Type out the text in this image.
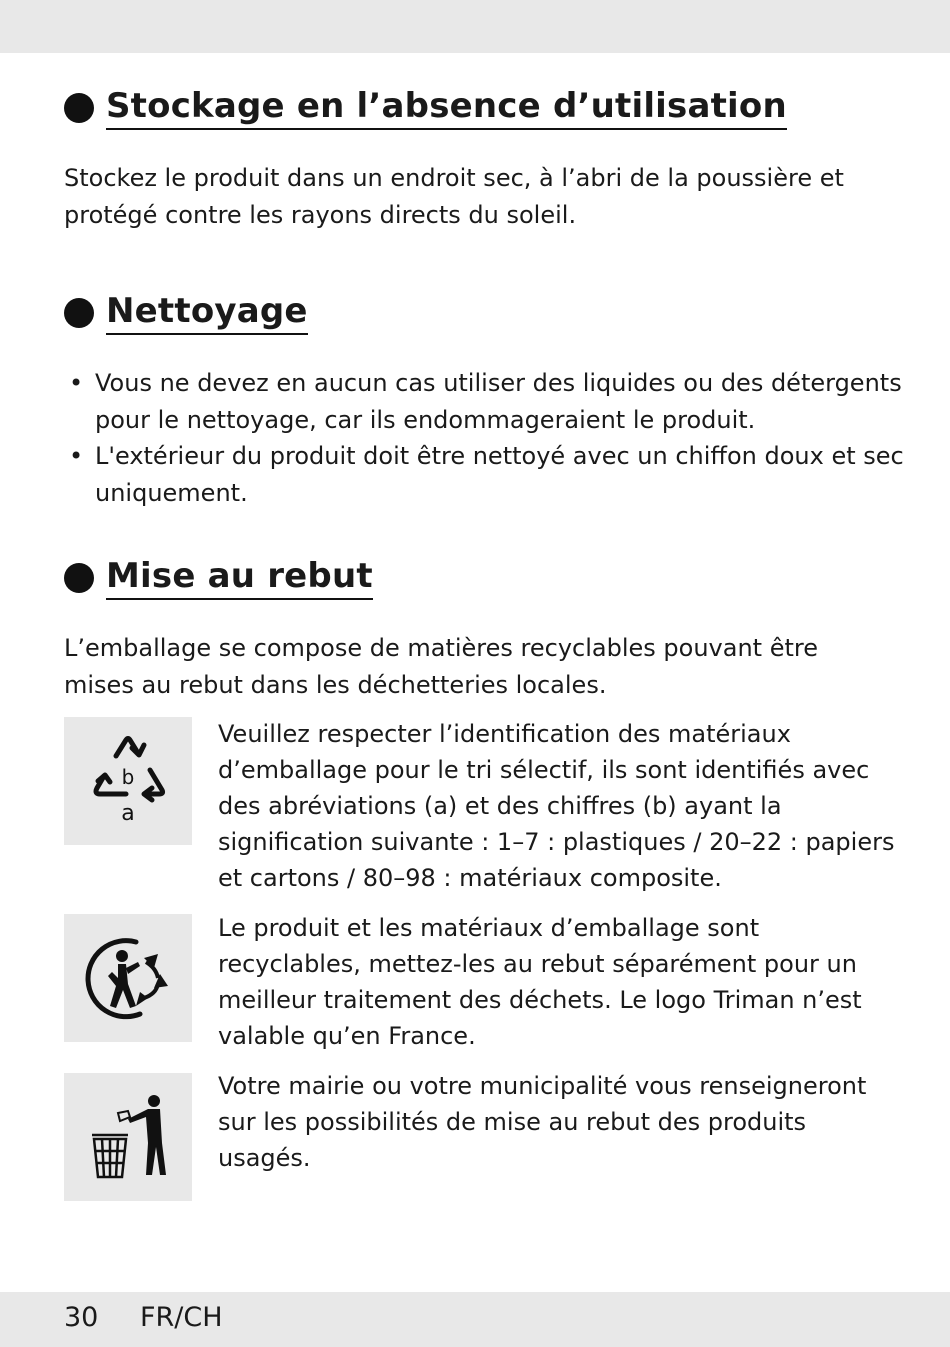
Stockage en l’absence d’utilisation

Stockez le produit dans un endroit sec, à l’abri de la poussière et protégé contre les rayons directs du soleil.

Nettoyage
• Vous ne devez en aucun cas utiliser des liquides ou des détergents pour le nettoyage, car ils endommageraient le produit.
• L'extérieur du produit doit être nettoyé avec un chiffon doux et sec uniquement.
Mise au rebut

L’emballage se compose de matières recyclables pouvant être mises au rebut dans les déchetteries locales.

b
a

Veuillez respecter l’identification des matériaux d’emballage pour le tri sélectif, ils sont identifiés avec des abréviations (a) et des chiffres (b) ayant la signification suivante : 1–7 : plastiques / 20–22 : papiers et cartons / 80–98 : matériaux composite.

Le produit et les matériaux d’emballage sont recyclables, mettez-les au rebut séparément pour un meilleur traitement des déchets. Le logo Triman n’est valable qu’en France.

Votre mairie ou votre municipalité vous renseigneront sur les possibilités de mise au rebut des produits usagés.

30 FR/CH
